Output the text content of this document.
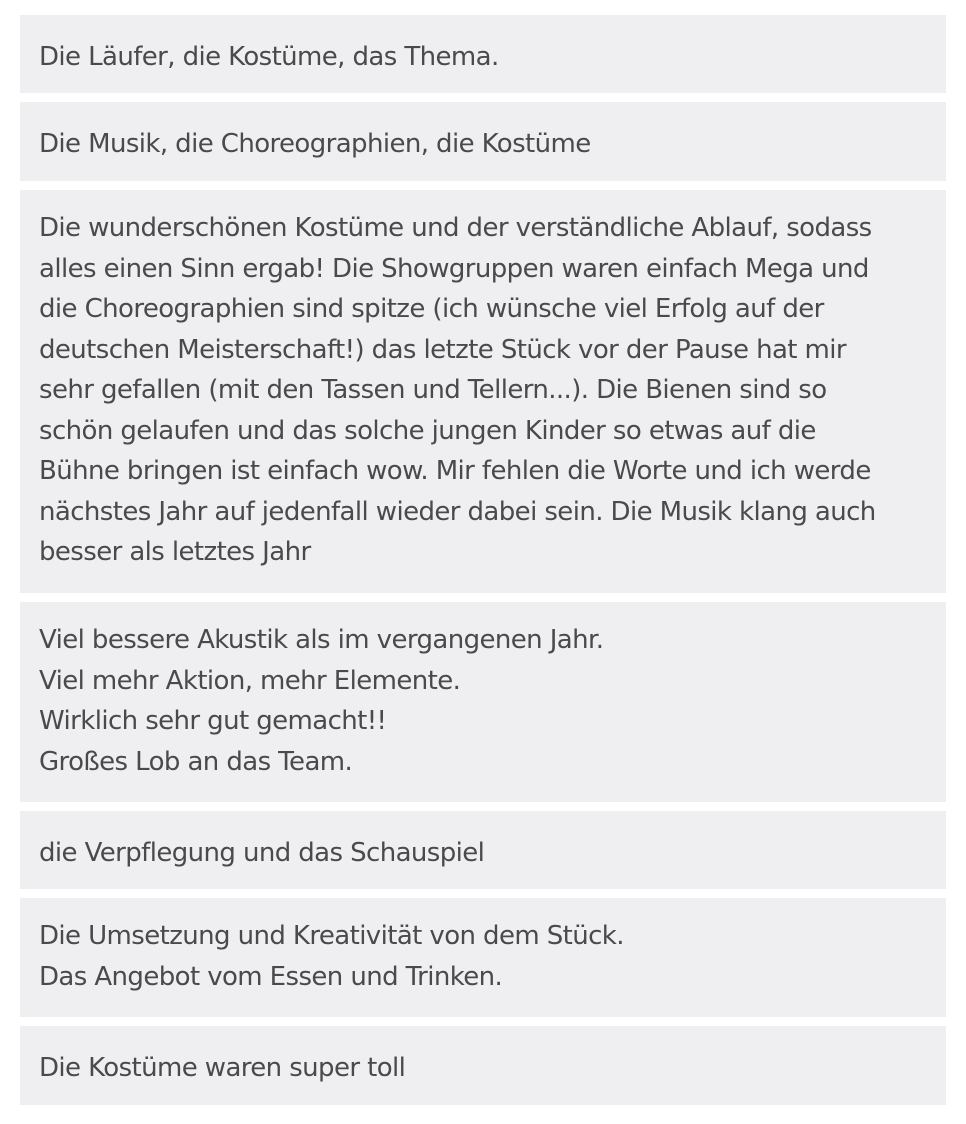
Die Läufer, die Kostüme, das Thema.
Die Musik, die Choreographien, die Kostüme
Die wunderschönen Kostüme und der verständliche Ablauf, sodass
alles einen Sinn ergab! Die Showgruppen waren einfach Mega und
die Choreographien sind spitze (ich wünsche viel Erfolg auf der
deutschen Meisterschaft!) das letzte Stück vor der Pause hat mir
sehr gefallen (mit den Tassen und Tellern...). Die Bienen sind so
schön gelaufen und das solche jungen Kinder so etwas auf die
Bühne bringen ist einfach wow. Mir fehlen die Worte und ich werde
nächstes Jahr auf jedenfall wieder dabei sein. Die Musik klang auch
besser als letztes Jahr
Viel bessere Akustik als im vergangenen Jahr.
Viel mehr Aktion, mehr Elemente.
Wirklich sehr gut gemacht!!
Großes Lob an das Team.
die Verpflegung und das Schauspiel
Die Umsetzung und Kreativität von dem Stück.
Das Angebot vom Essen und Trinken.
Die Kostüme waren super toll
